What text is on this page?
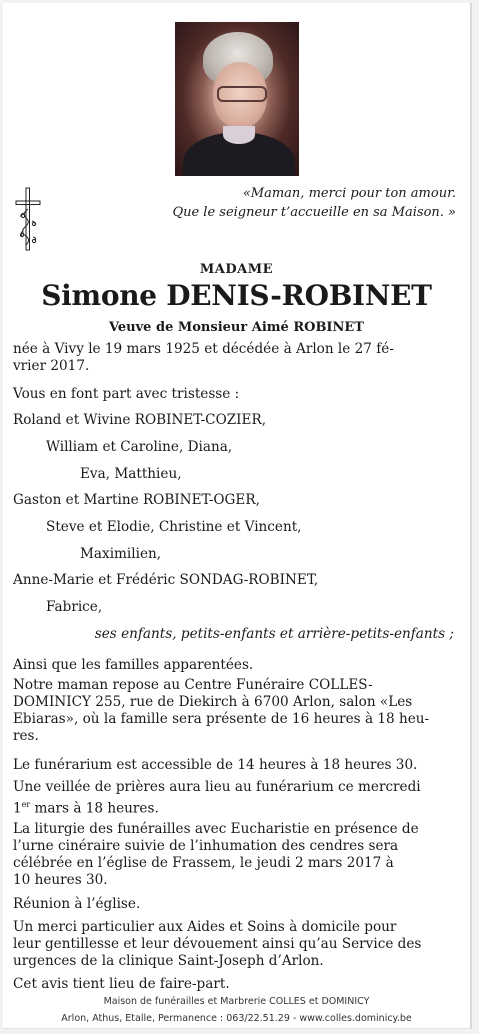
«Maman, merci pour ton amour.
Que le seigneur t’accueille en sa Maison. »
MADAME
Simone DENIS-ROBINET
Veuve de Monsieur Aimé ROBINET
née à Vivy le 19 mars 1925 et décédée à Arlon le 27 fé-
vrier 2017.
Vous en font part avec tristesse :
Roland et Wivine ROBINET-COZIER,
William et Caroline, Diana,
Eva, Matthieu,
Gaston et Martine ROBINET-OGER,
Steve et Elodie, Christine et Vincent,
Maximilien,
Anne-Marie et Frédéric SONDAG-ROBINET,
Fabrice,
ses enfants, petits-enfants et arrière-petits-enfants ;
Ainsi que les familles apparentées.
Notre maman repose au Centre Funéraire COLLES-
DOMINICY 255, rue de Diekirch à 6700 Arlon, salon «Les
Ebiaras», où la famille sera présente de 16 heures à 18 heu-
res.
Le funérarium est accessible de 14 heures à 18 heures 30.
Une veillée de prières aura lieu au funérarium ce mercredi
1er mars à 18 heures.
La liturgie des funérailles avec Eucharistie en présence de
l’urne cinéraire suivie de l’inhumation des cendres sera
célébrée en l’église de Frassem, le jeudi 2 mars 2017 à
10 heures 30.
Réunion à l’église.
Un merci particulier aux Aides et Soins à domicile pour
leur gentillesse et leur dévouement ainsi qu’au Service des
urgences de la clinique Saint-Joseph d’Arlon.
Cet avis tient lieu de faire-part.
Maison de funérailles et Marbrerie COLLES et DOMINICY
Arlon, Athus, Etalle, Permanence : 063/22.51.29 - www.colles.dominicy.be
